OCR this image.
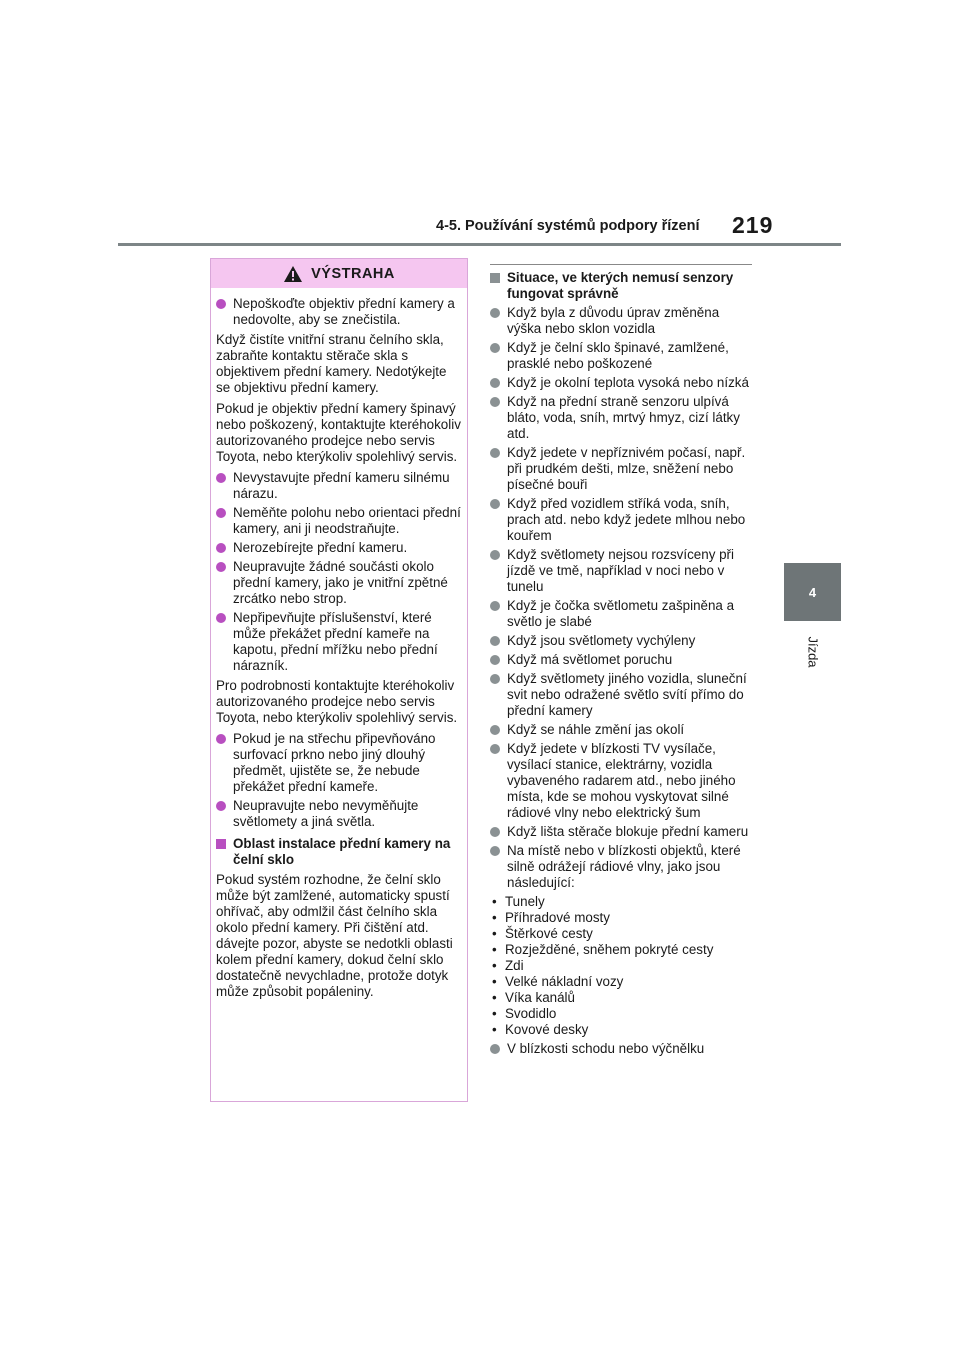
4-5. Používání systémů podpory řízení 219
4
Jízda
VÝSTRAHA
Nepoškoďte objektiv přední kamery a nedovolte, aby se znečistila.
Když čistíte vnitřní stranu čelního skla, zabraňte kontaktu stěrače skla s objektivem přední kamery. Nedotýkejte se objektivu přední kamery.
Pokud je objektiv přední kamery špinavý nebo poškozený, kontaktujte kteréhokoliv autorizovaného prodejce nebo servis Toyota, nebo kterýkoliv spolehlivý servis.
Nevystavujte přední kameru silnému nárazu.
Neměňte polohu nebo orientaci přední kamery, ani ji neodstraňujte.
Nerozebírejte přední kameru.
Neupravujte žádné součásti okolo přední kamery, jako je vnitřní zpětné zrcátko nebo strop.
Nepřipevňujte příslušenství, které může překážet přední kameře na kapotu, přední mřížku nebo přední nárazník.
Pro podrobnosti kontaktujte kteréhokoliv autorizovaného prodejce nebo servis Toyota, nebo kterýkoliv spolehlivý servis.
Pokud je na střechu připevňováno surfovací prkno nebo jiný dlouhý předmět, ujistěte se, že nebude překážet přední kameře.
Neupravujte nebo nevyměňujte světlomety a jiná světla.
Oblast instalace přední kamery na čelní sklo
Pokud systém rozhodne, že čelní sklo může být zamlžené, automaticky spustí ohřívač, aby odmlžil část čelního skla okolo přední kamery. Při čištění atd. dávejte pozor, abyste se nedotkli oblasti kolem přední kamery, dokud čelní sklo dostatečně nevychladne, protože dotyk může způsobit popáleniny.
Situace, ve kterých nemusí senzory fungovat správně
Když byla z důvodu úprav změněna výška nebo sklon vozidla
Když je čelní sklo špinavé, zamlžené, prasklé nebo poškozené
Když je okolní teplota vysoká nebo nízká
Když na přední straně senzoru ulpívá bláto, voda, sníh, mrtvý hmyz, cizí látky atd.
Když jedete v nepříznivém počasí, např. při prudkém dešti, mlze, sněžení nebo písečné bouři
Když před vozidlem stříká voda, sníh, prach atd. nebo když jedete mlhou nebo kouřem
Když světlomety nejsou rozsvíceny při jízdě ve tmě, například v noci nebo v tunelu
Když je čočka světlometu zašpiněna a světlo je slabé
Když jsou světlomety vychýleny
Když má světlomet poruchu
Když světlomety jiného vozidla, sluneční svit nebo odražené světlo svítí přímo do přední kamery
Když se náhle změní jas okolí
Když jedete v blízkosti TV vysílače, vysílací stanice, elektrárny, vozidla vybaveného radarem atd., nebo jiného místa, kde se mohou vyskytovat silné rádiové vlny nebo elektrický šum
Když lišta stěrače blokuje přední kameru
Na místě nebo v blízkosti objektů, které silně odrážejí rádiové vlny, jako jsou následující:
• Tunely
• Příhradové mosty
• Štěrkové cesty
• Rozježděné, sněhem pokryté cesty
• Zdi
• Velké nákladní vozy
• Víka kanálů
• Svodidlo
• Kovové desky
V blízkosti schodu nebo výčnělku
